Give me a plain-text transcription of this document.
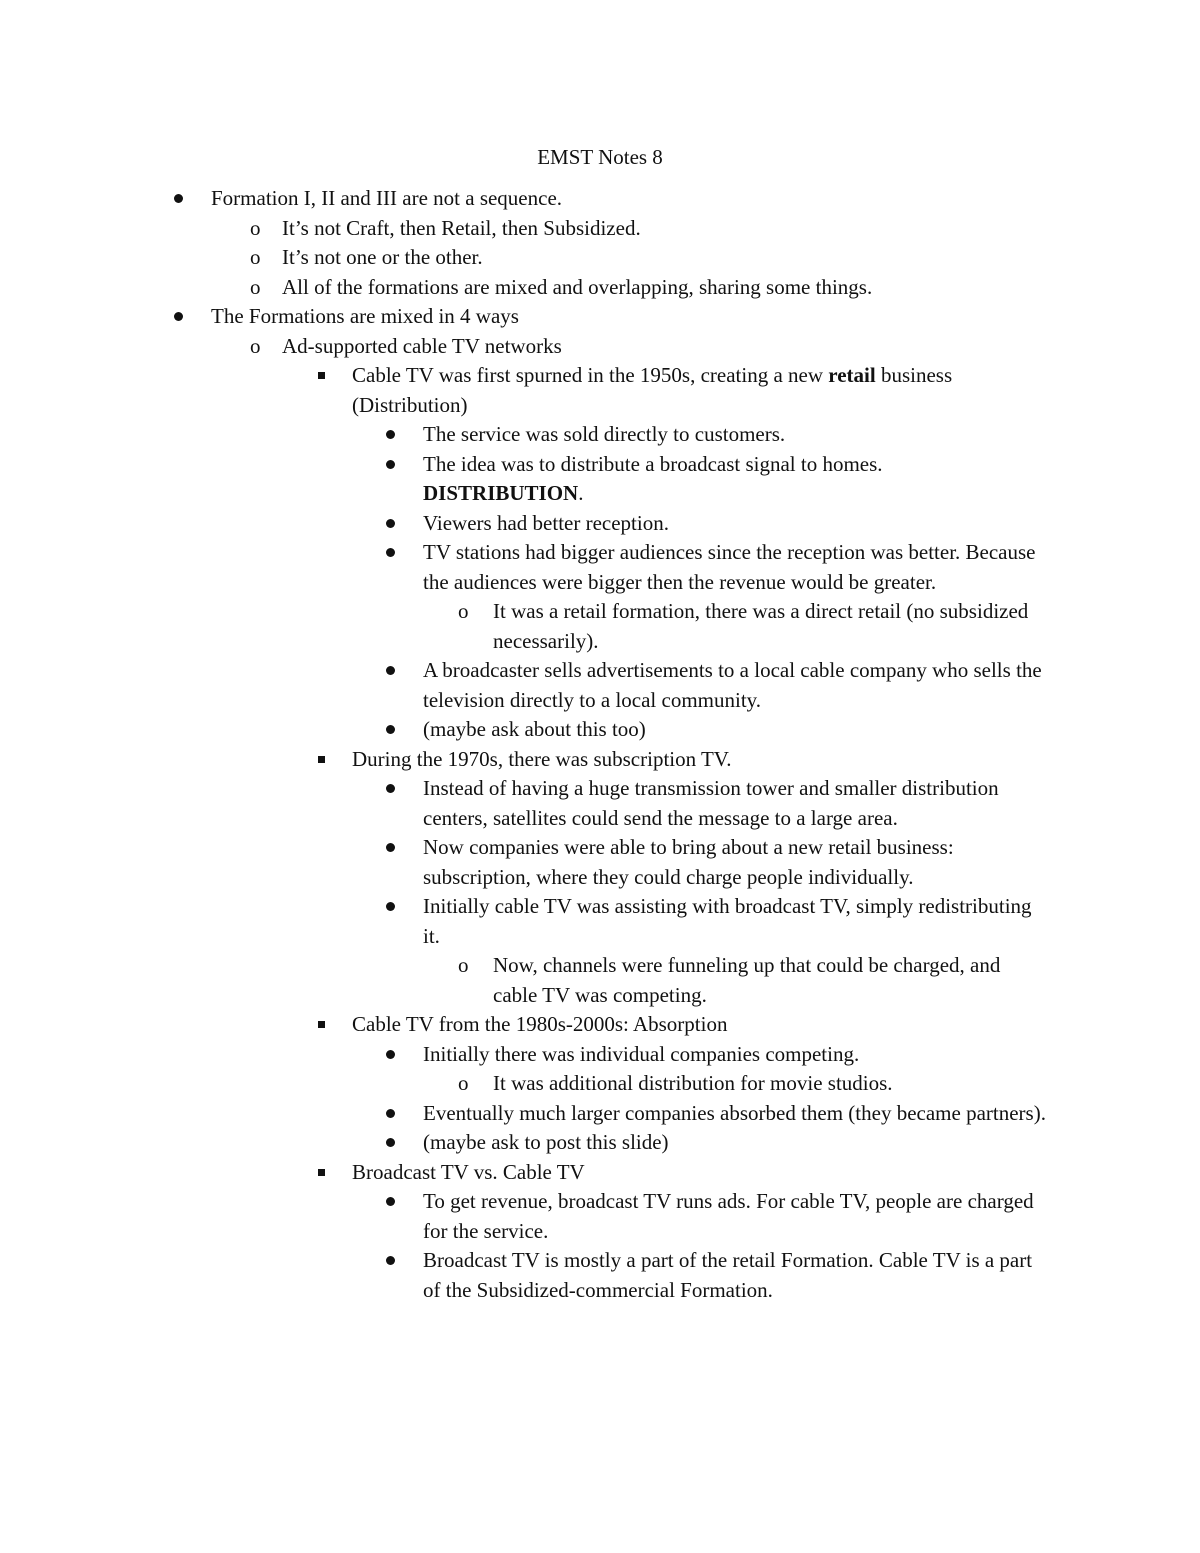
EMST Notes 8
Formation I, II and III are not a sequence.
o It’s not Craft, then Retail, then Subsidized.
o It’s not one or the other.
o All of the formations are mixed and overlapping, sharing some things.
The Formations are mixed in 4 ways
o Ad-supported cable TV networks
Cable TV was first spurned in the 1950s, creating a new retail business (Distribution)
The service was sold directly to customers.
The idea was to distribute a broadcast signal to homes.
DISTRIBUTION.
Viewers had better reception.
TV stations had bigger audiences since the reception was better. Because the audiences were bigger then the revenue would be greater.
o It was a retail formation, there was a direct retail (no subsidized necessarily).
A broadcaster sells advertisements to a local cable company who sells the television directly to a local community.
(maybe ask about this too)
During the 1970s, there was subscription TV.
Instead of having a huge transmission tower and smaller distribution centers, satellites could send the message to a large area.
Now companies were able to bring about a new retail business: subscription, where they could charge people individually.
Initially cable TV was assisting with broadcast TV, simply redistributing it.
o Now, channels were funneling up that could be charged, and cable TV was competing.
Cable TV from the 1980s-2000s: Absorption
Initially there was individual companies competing.
o It was additional distribution for movie studios.
Eventually much larger companies absorbed them (they became partners).
(maybe ask to post this slide)
Broadcast TV vs. Cable TV
To get revenue, broadcast TV runs ads. For cable TV, people are charged for the service.
Broadcast TV is mostly a part of the retail Formation. Cable TV is a part of the Subsidized-commercial Formation.
